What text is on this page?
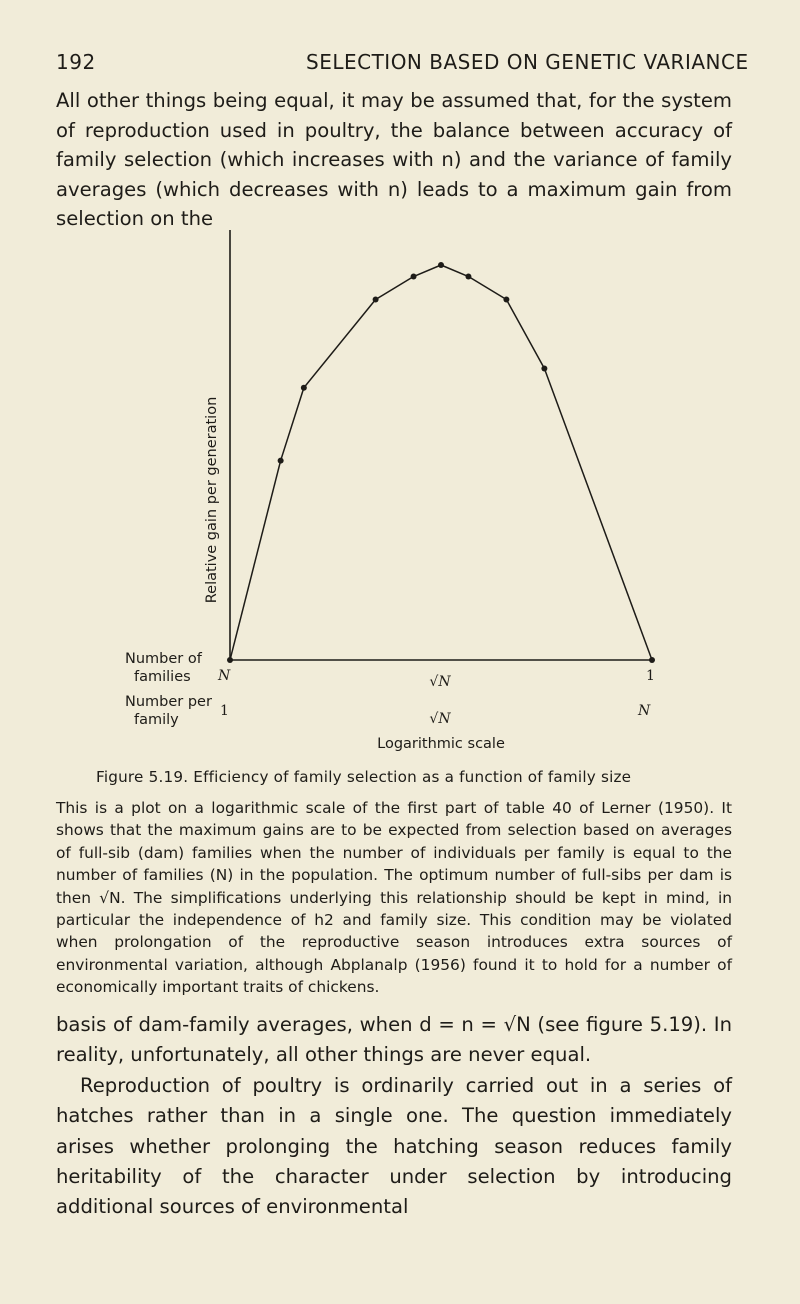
192	SELECTION BASED ON GENETIC VARIANCE
All other things being equal, it may be assumed that, for the system of reproduction used in poultry, the balance between accuracy of family selection (which increases with n) and the variance of family averages (which decreases with n) leads to a maximum gain from selection on the
Relative gain per generation
Number of
families
Number per
family
N	√N	1
1	√N	N
Logarithmic scale
Figure 5.19. Efficiency of family selection as a function of family size
This is a plot on a logarithmic scale of the first part of table 40 of Lerner (1950). It shows that the maximum gains are to be expected from selection based on averages of full-sib (dam) families when the number of individuals per family is equal to the number of families (N) in the population. The optimum number of full-sibs per dam is then √N. The simplifications underlying this relationship should be kept in mind, in particular the independence of h2 and family size. This condition may be violated when prolongation of the reproductive season introduces extra sources of environmental variation, although Abplanalp (1956) found it to hold for a number of economically important traits of chickens.
basis of dam-family averages, when d = n = √N (see figure 5.19). In reality, unfortunately, all other things are never equal.
Reproduction of poultry is ordinarily carried out in a series of hatches rather than in a single one. The question immediately arises whether prolonging the hatching season reduces family heritability of the character under selection by introducing additional sources of environmental
